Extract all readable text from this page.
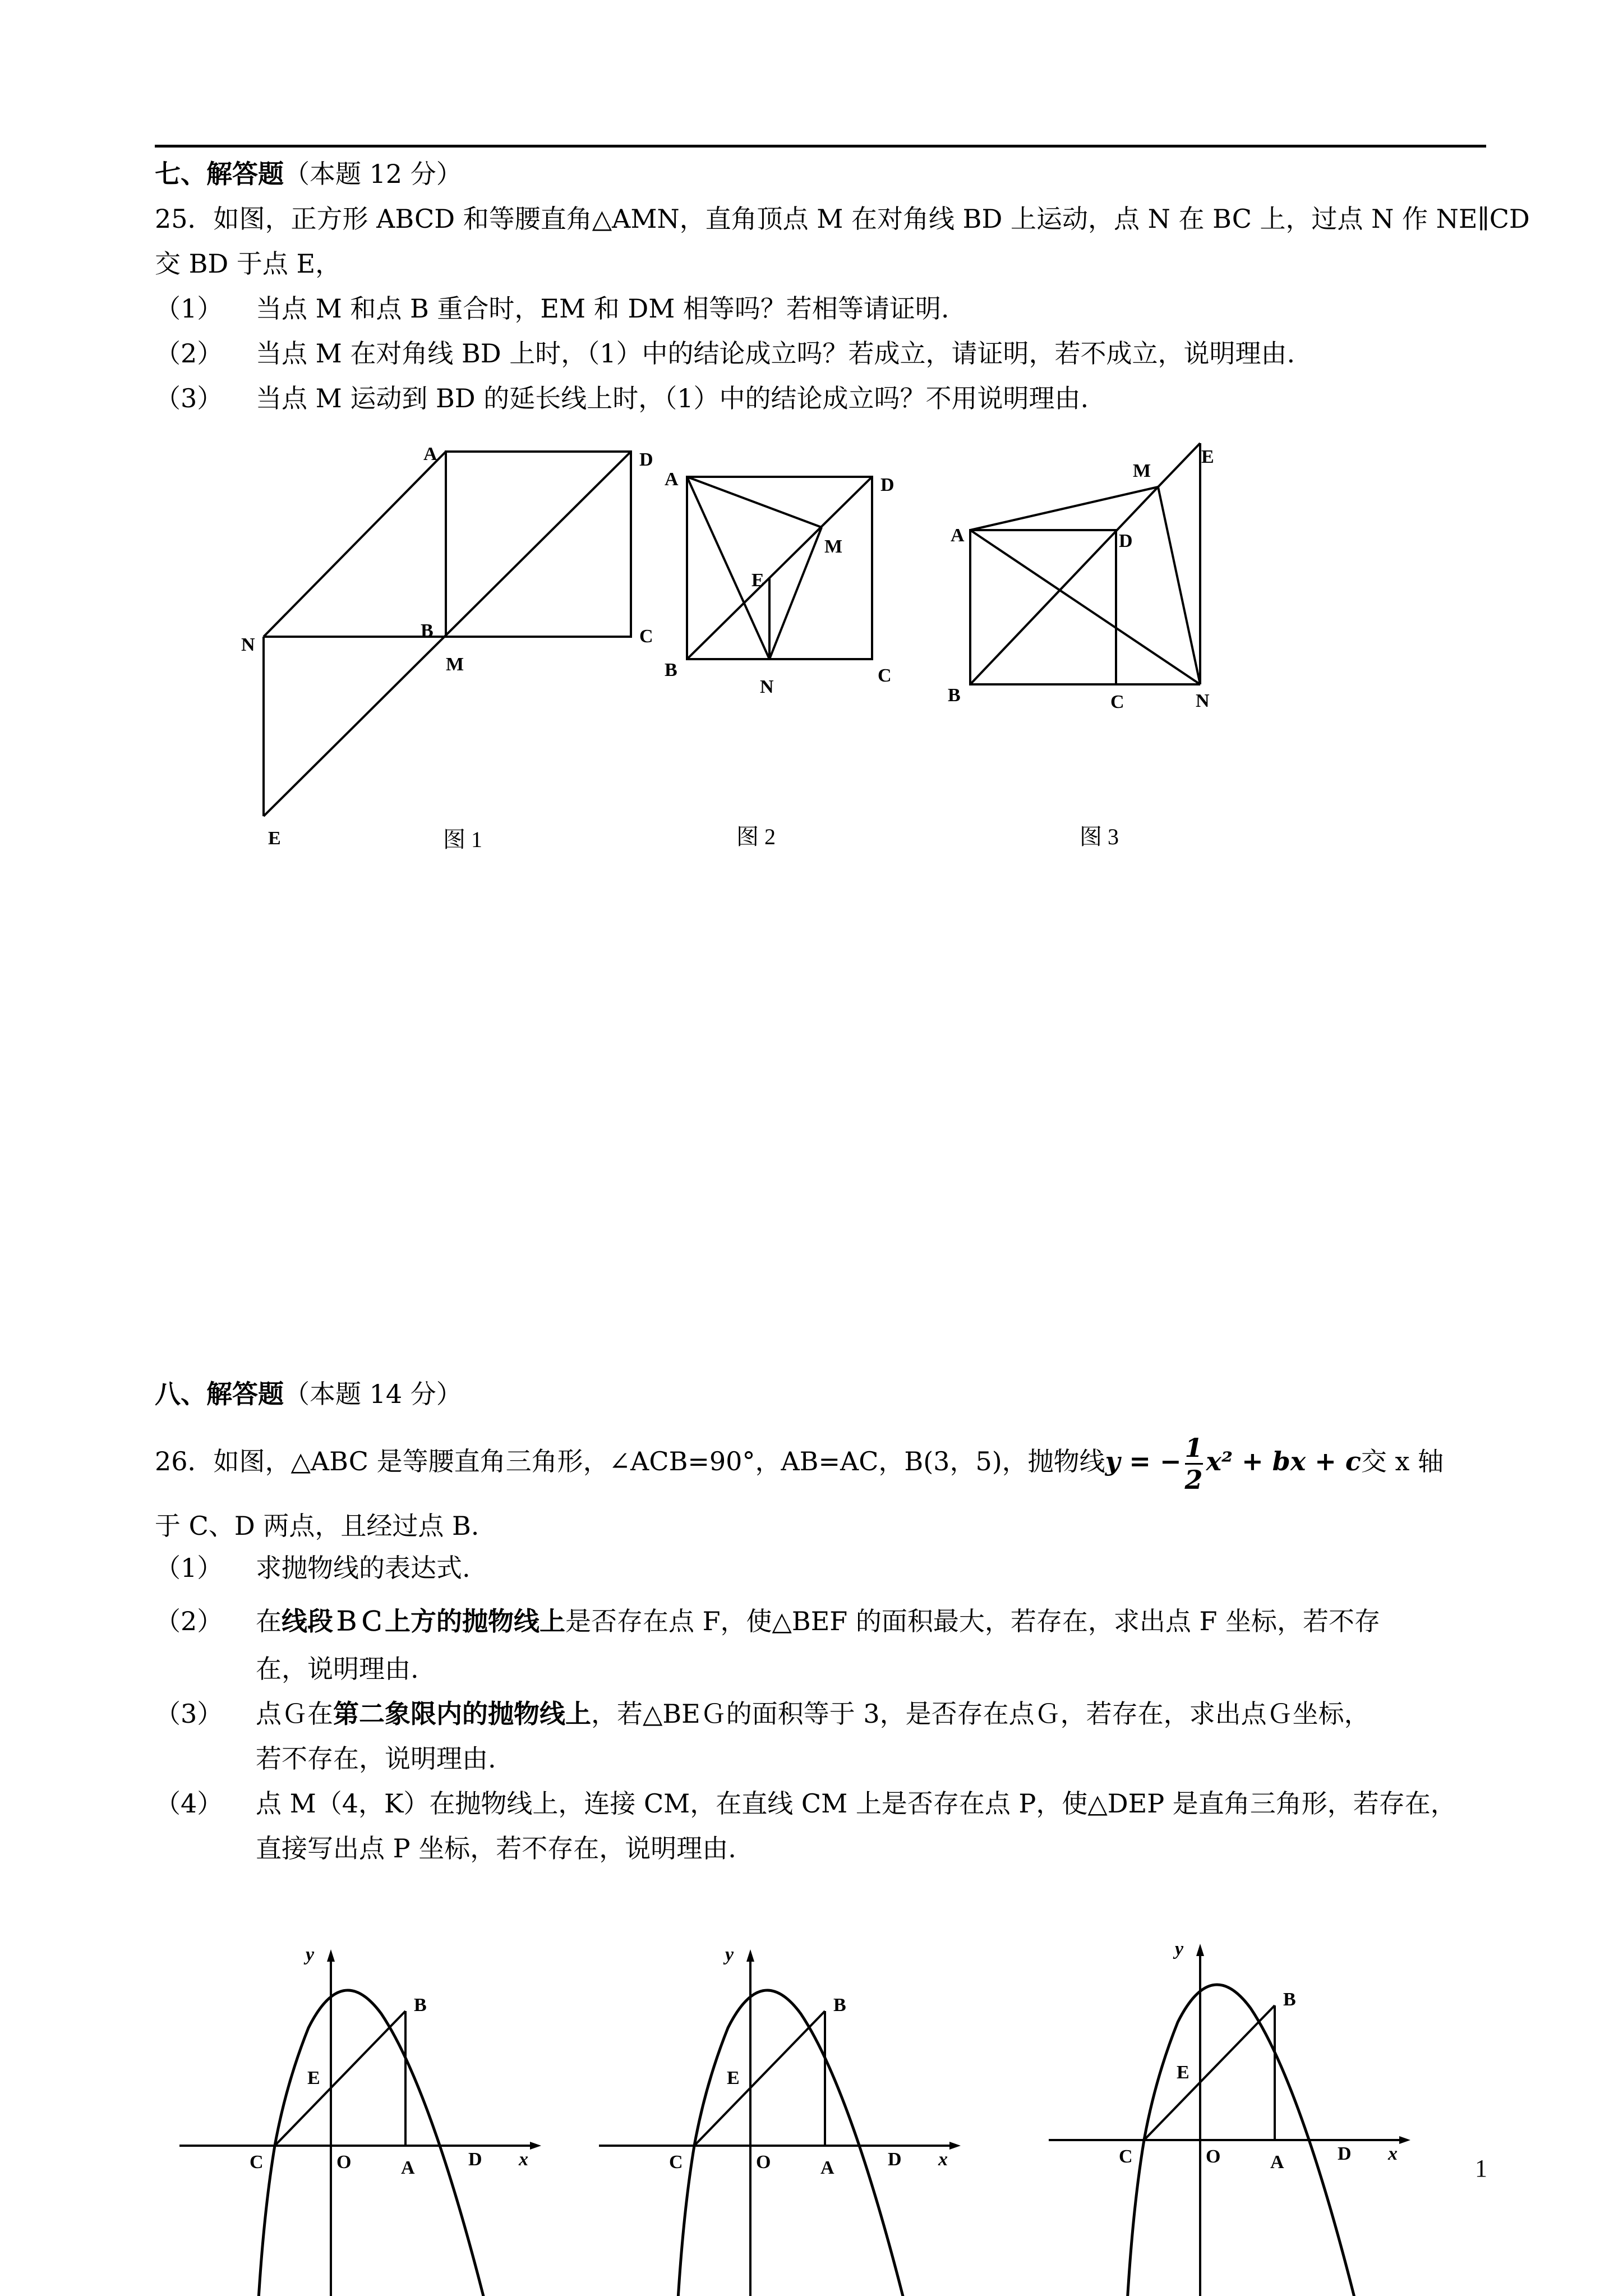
七、解答题（本题 12 分）
25．如图，正方形 ABCD 和等腰直角△AMN，直角顶点 M 在对角线 BD 上运动，点 N 在 BC 上，过点 N 作 NE∥CD
交 BD 于点 E，
（1） 当点 M 和点 B 重合时，EM 和 DM 相等吗？若相等请证明.
（2） 当点 M 在对角线 BD 上时，（1）中的结论成立吗？若成立，请证明，若不成立，说明理由.
（3） 当点 M 运动到 BD 的延长线上时，（1）中的结论成立吗？不用说明理由.
A	D
N
B	C
M
E	图 1
A	D
M
E
B
N
C
图 2
M
E
A	D
B	C	N
图 3
八、解答题（本题 14 分）
26．如图，△ABC 是等腰直角三角形，∠ACB=90°，AB=AC，B(3，5)，抛物线y = − $\frac{1}{2} x^2$ + bx + c交 x 轴
于 C、D 两点，且经过点 B.
（1） 求抛物线的表达式.
（2） 在线段ＢＣ上方的抛物线上是否存在点 F，使△BEF 的面积最大，若存在，求出点 F 坐标，若不存
在，说明理由.
（3） 点Ｇ在第二象限内的抛物线上，若△BEＧ的面积等于 3，是否存在点Ｇ，若存在，求出点Ｇ坐标，
若不存在，说明理由.
（4） 点 M（4，K）在抛物线上，连接 CM，在直线 CM 上是否存在点 P，使△DEP 是直角三角形，若存在，
直接写出点 P 坐标，若不存在，说明理由.
y
x
B
E
C	O	A	D
y
x
B
E
C	O	A	D
y
x
B
E
C	O	A	D
1
